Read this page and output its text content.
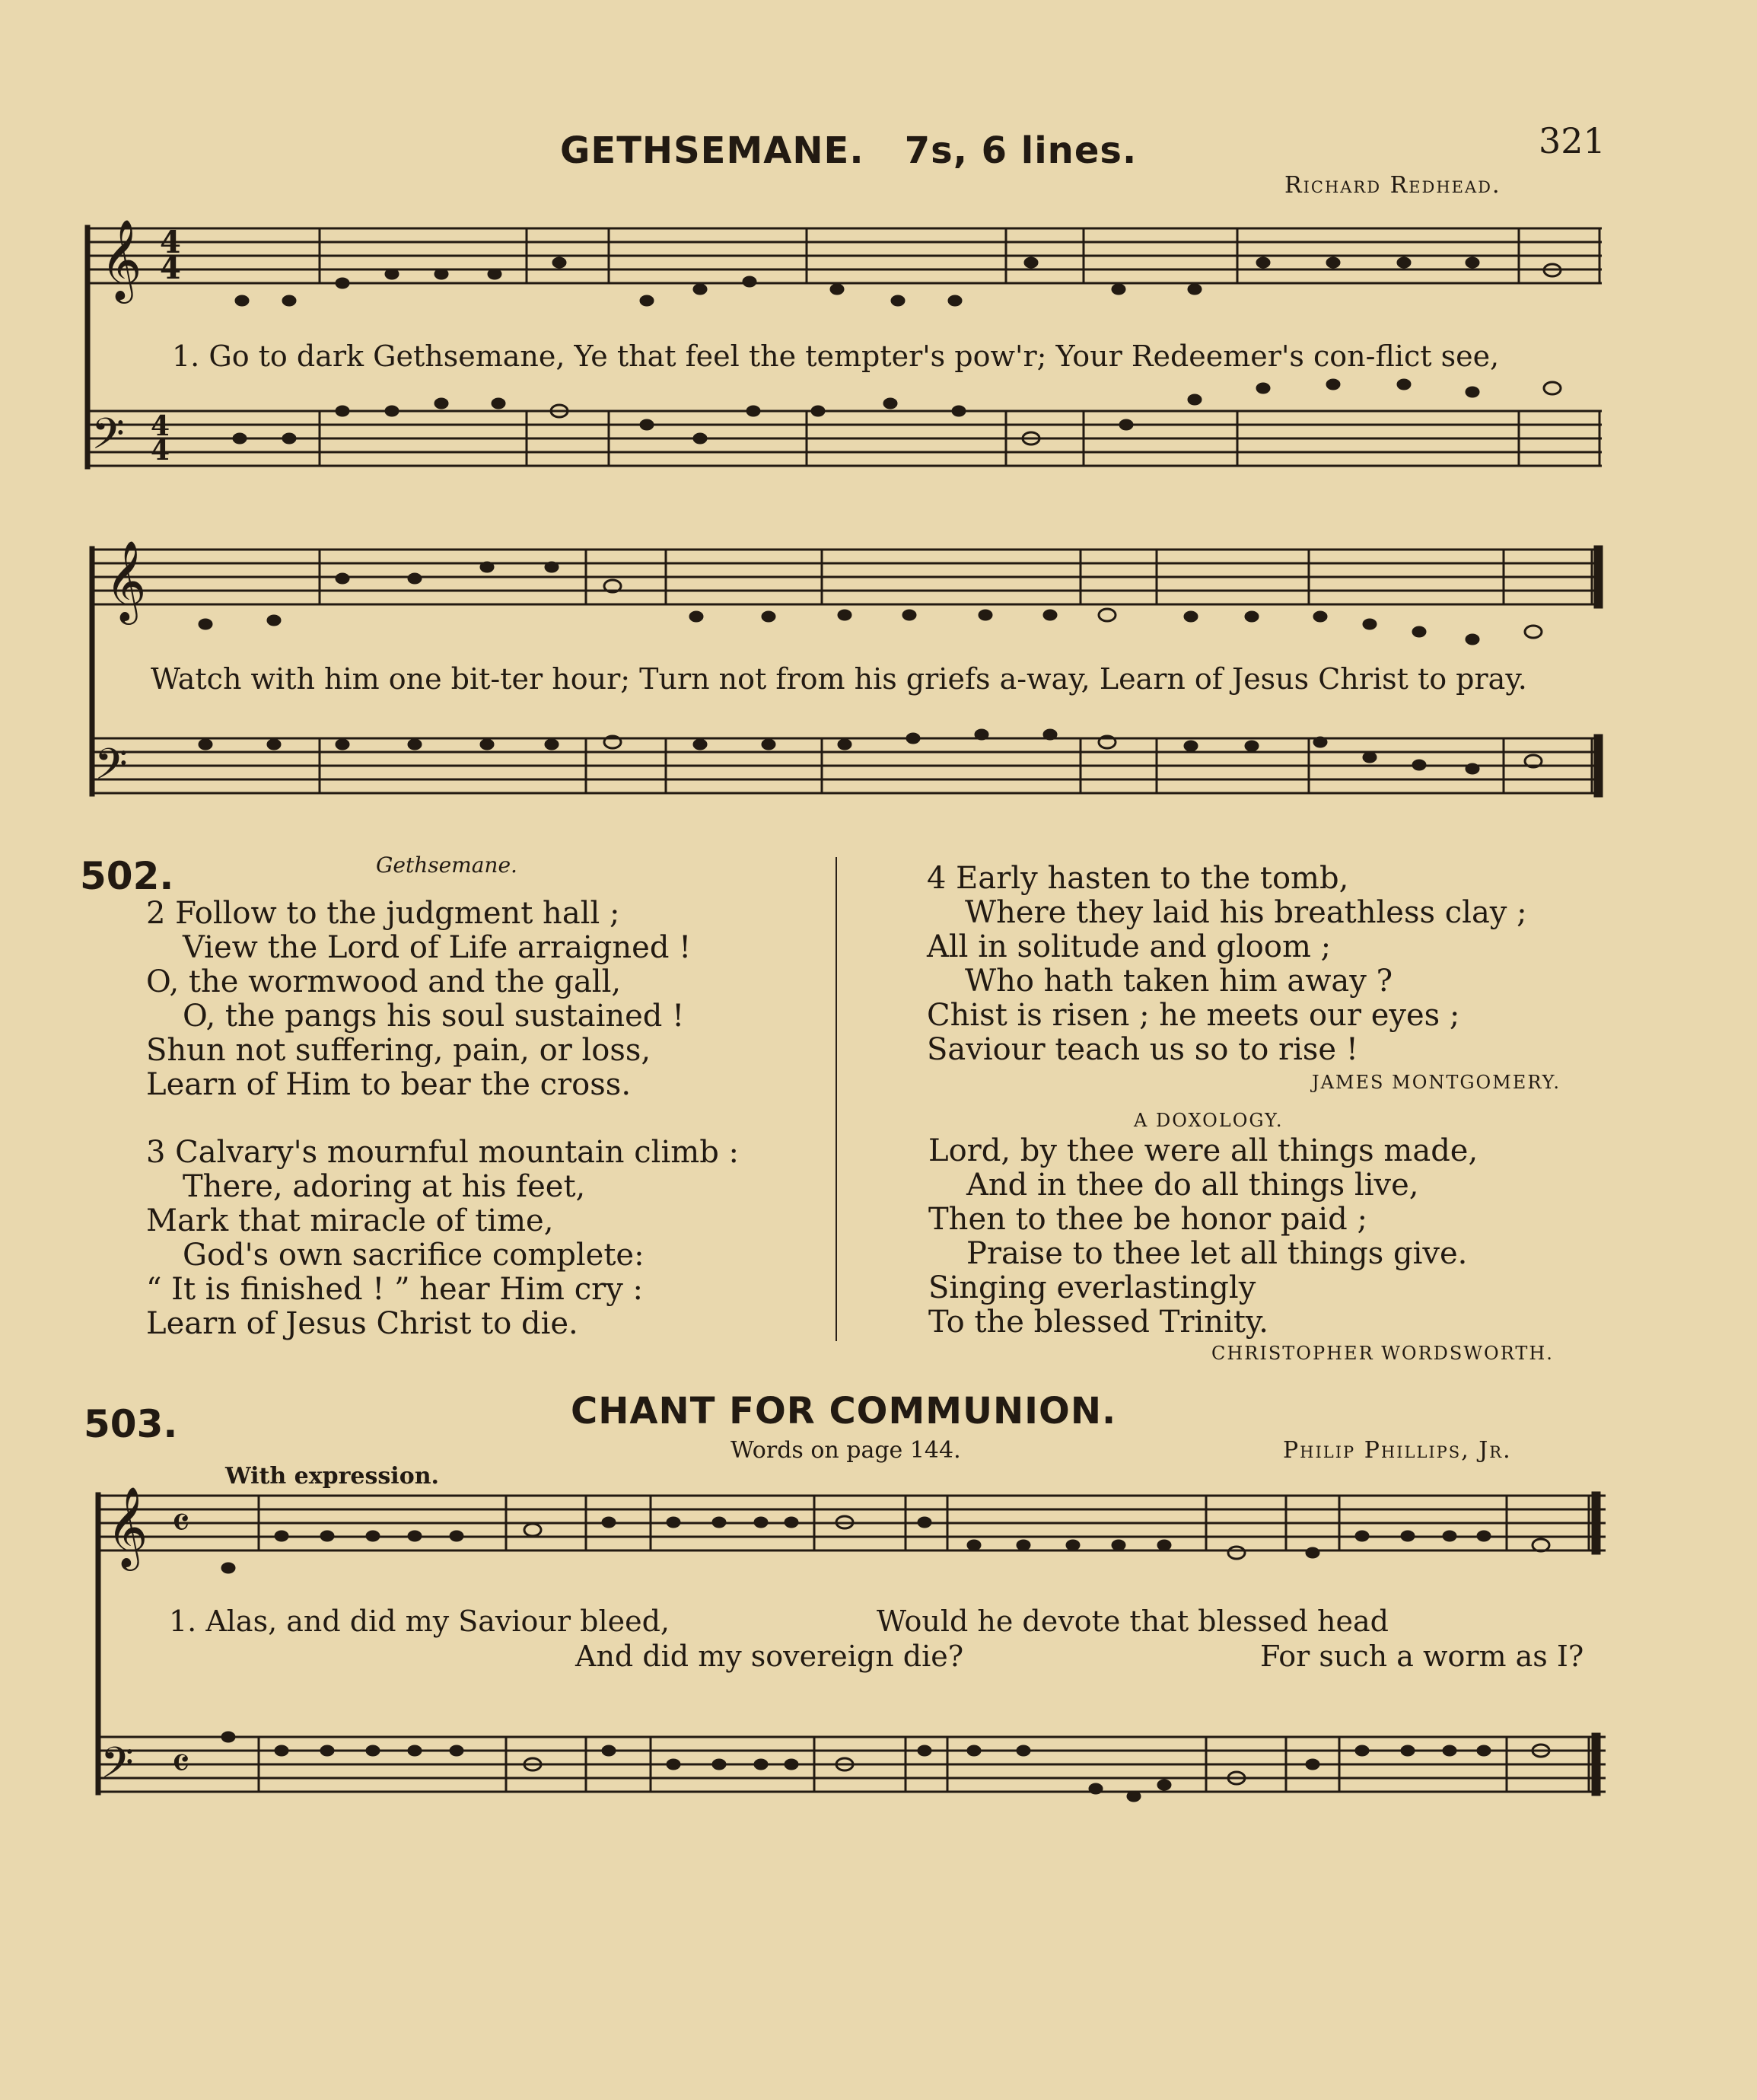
321
GETHSEMANE. 7s, 6 lines.
Richard Redhead.
𝄞 4
4
𝄢 4
4
𝄞
𝄢
𝄞 𝄴
𝄢 𝄴
1. Go to dark Gethsemane, Ye that feel the tempter's pow'r; Your Redeemer's con-flict see,
Watch with him one bit-ter hour; Turn not from his griefs a-way, Learn of Jesus Christ to pray.
502.	Gethsemane.
2 Follow to the judgment hall ;
View the Lord of Life arraigned !
O, the wormwood and the gall,
O, the pangs his soul sustained !
Shun not suffering, pain, or loss,
Learn of Him to bear the cross.
3 Calvary's mournful mountain climb :
There, adoring at his feet,
Mark that miracle of time,
God's own sacrifice complete:
“ It is finished ! ” hear Him cry :
Learn of Jesus Christ to die.
4 Early hasten to the tomb,
Where they laid his breathless clay ;
All in solitude and gloom ;
Who hath taken him away ?
Chist is risen ; he meets our eyes ;
Saviour teach us so to rise !
JAMES MONTGOMERY.
A DOXOLOGY.
Lord, by thee were all things made,
And in thee do all things live,
Then to thee be honor paid ;
Praise to thee let all things give.
Singing everlastingly
To the blessed Trinity.
CHRISTOPHER WORDSWORTH.
503.	CHANT FOR COMMUNION.
Words on page 144.	Philip Phillips, Jr.
With expression.
1. Alas, and did my Saviour bleed,
And did my sovereign die?
Would he devote that blessed head
For such a worm as I?
